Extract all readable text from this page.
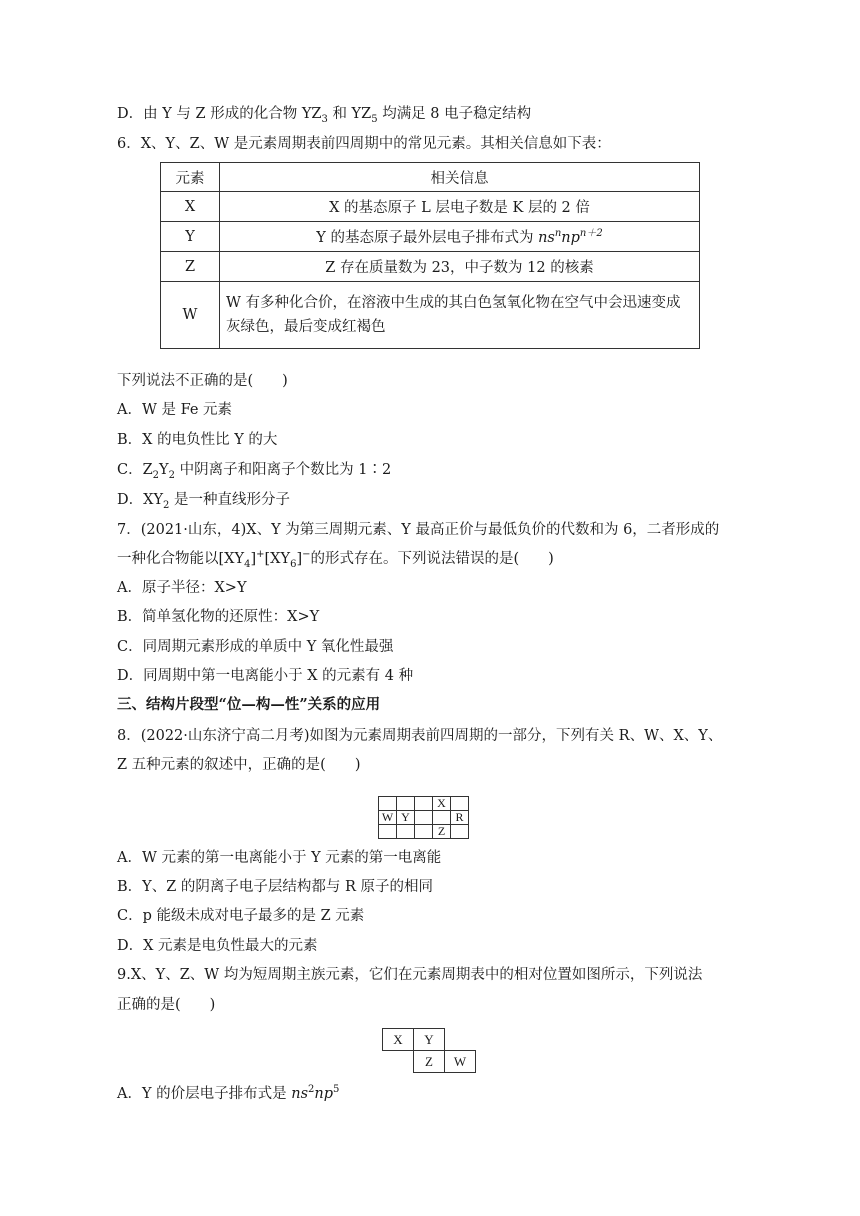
D．由 Y 与 Z 形成的化合物 $YZ_3$ 和 $YZ_5$ 均满足 8 电子稳定结构
6．X、Y、Z、W 是元素周期表前四周期中的常见元素。其相关信息如下表：
元素	相关信息
X	X 的基态原子 L 层电子数是 K 层的 2 倍
Y	Y 的基态原子最外层电子排布式为 $ns^nnp^{n+2}$
Z	Z 存在质量数为 23，中子数为 12 的核素
W	W 有多种化合价，在溶液中生成的其白色氢氧化物在空气中会迅速变成灰绿色，最后变成红褐色
下列说法不正确的是(　　)
A．W 是 Fe 元素
B．X 的电负性比 Y 的大
C．$Z_2Y_2$ 中阴离子和阳离子个数比为 1∶2
D．$XY_2$ 是一种直线形分子
7．(2021·山东，4)X、Y 为第三周期元素、Y 最高正价与最低负价的代数和为 6，二者形成的
一种化合物能以$[XY_4]^+[XY_6]^-$的形式存在。下列说法错误的是(　　)
A．原子半径：X>Y
B．简单氢化物的还原性：X>Y
C．同周期元素形成的单质中 Y 氧化性最强
D．同周期中第一电离能小于 X 的元素有 4 种
三、结构片段型“位—构—性”关系的应用
8．(2022·山东济宁高二月考)如图为元素周期表前四周期的一部分，下列有关 R、W、X、Y、
Z 五种元素的叙述中，正确的是(　　)
			X		
W	Y			R	
			Z		
A．W 元素的第一电离能小于 Y 元素的第一电离能
B．Y、Z 的阴离子电子层结构都与 R 原子的相同
C．p 能级未成对电子最多的是 Z 元素
D．X 元素是电负性最大的元素
9.X、Y、Z、W 均为短周期主族元素，它们在元素周期表中的相对位置如图所示，下列说法
正确的是(　　)
X	Y	
	Z	W
A．Y 的价层电子排布式是 $ns^2np^5$
